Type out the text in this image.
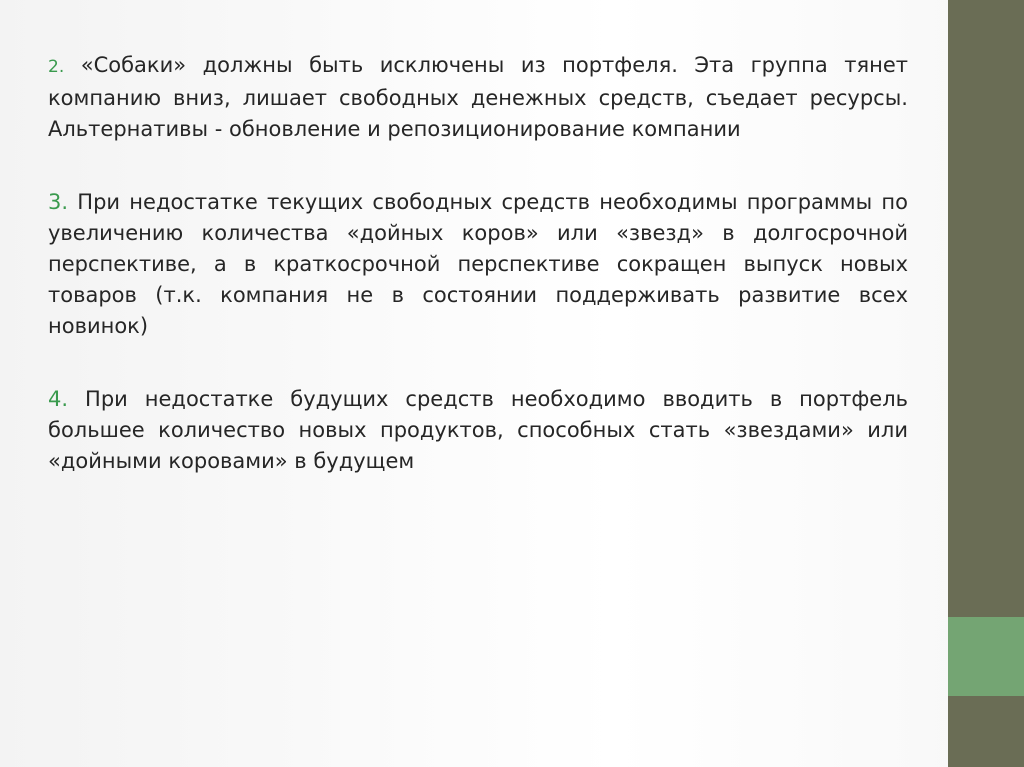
2. «Собаки» должны быть исключены из портфеля. Эта группа тянет компанию вниз, лишает свободных денежных средств, съедает ресурсы. Альтернативы - обновление и репозиционирование компании

3. При недостатке текущих свободных средств необходимы программы по увеличению количества «дойных коров» или «звезд» в долгосрочной перспективе, а в краткосрочной перспективе сокращен выпуск новых товаров (т.к. компания не в состоянии поддерживать развитие всех новинок)

4. При недостатке будущих средств необходимо вводить в портфель большее количество новых продуктов, способных стать «звездами» или «дойными коровами» в будущем
